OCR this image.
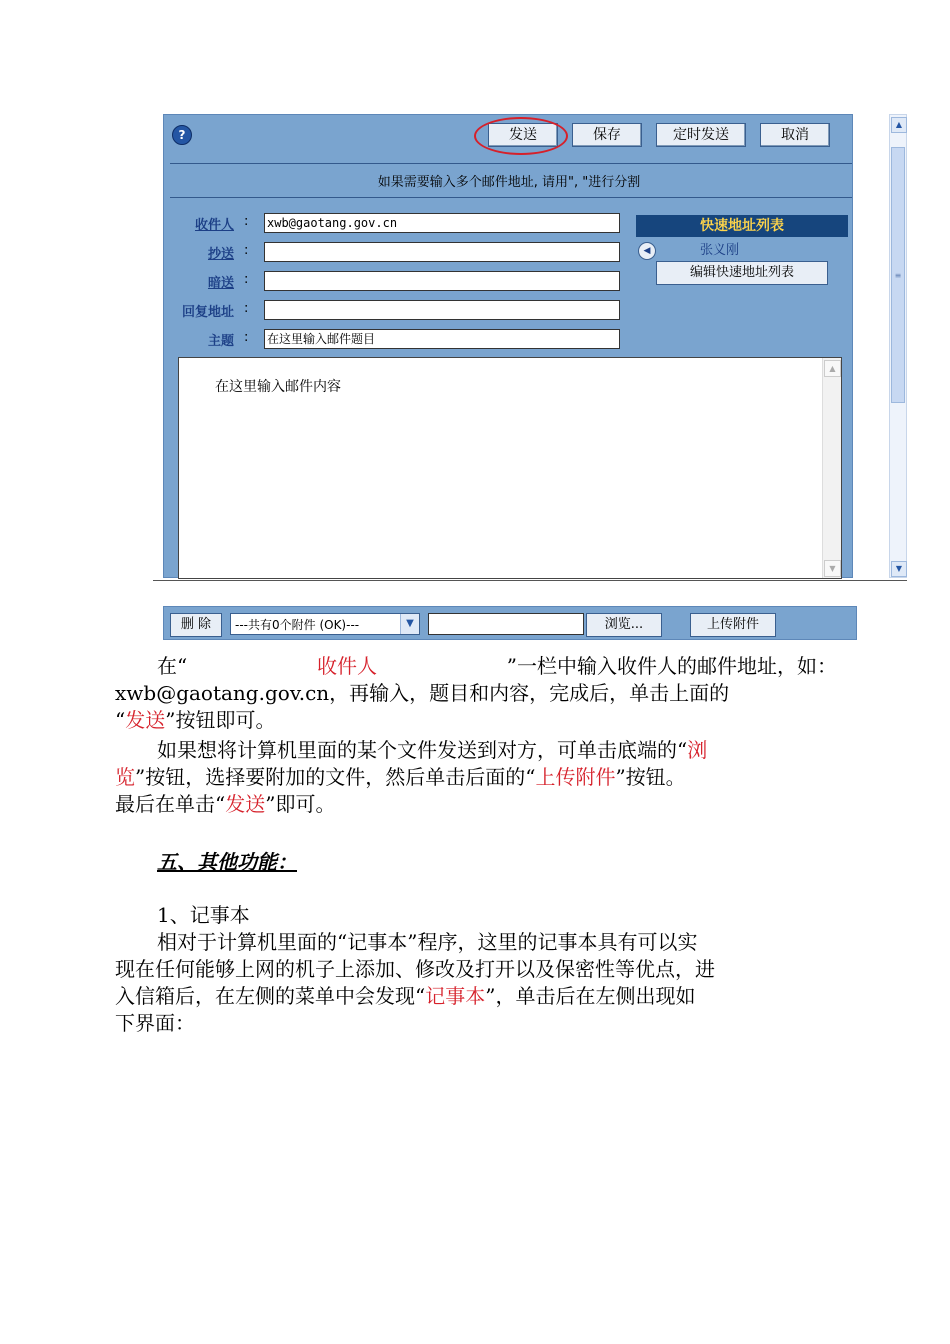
?	发送	保存	定时发送	取消
如果需要输入多个邮件地址, 请用", "进行分割
收件人 : xwb@gaotang.gov.cn
抄送 :
暗送 :
回复地址 :
主题 : 在这里输入邮件题目
快速地址列表
◀	张义刚
编辑快速地址列表
在这里输入邮件内容
▲
▼
▲
≡
▼
删 除	---共有0个附件 (OK)---	▼	浏览...	上传附件
在“	收件人	”一栏中输入收件人的邮件地址，如：
xwb@gaotang.gov.cn，再输入，题目和内容，完成后，单击上面的
“发送”按钮即可。
如果想将计算机里面的某个文件发送到对方，可单击底端的“浏
览”按钮，选择要附加的文件，然后单击后面的“上传附件”按钮。
最后在单击“发送”即可。
五、其他功能：
1、记事本
相对于计算机里面的“记事本”程序，这里的记事本具有可以实
现在任何能够上网的机子上添加、修改及打开以及保密性等优点，进
入信箱后，在左侧的菜单中会发现“记事本”，单击后在左侧出现如
下界面：
